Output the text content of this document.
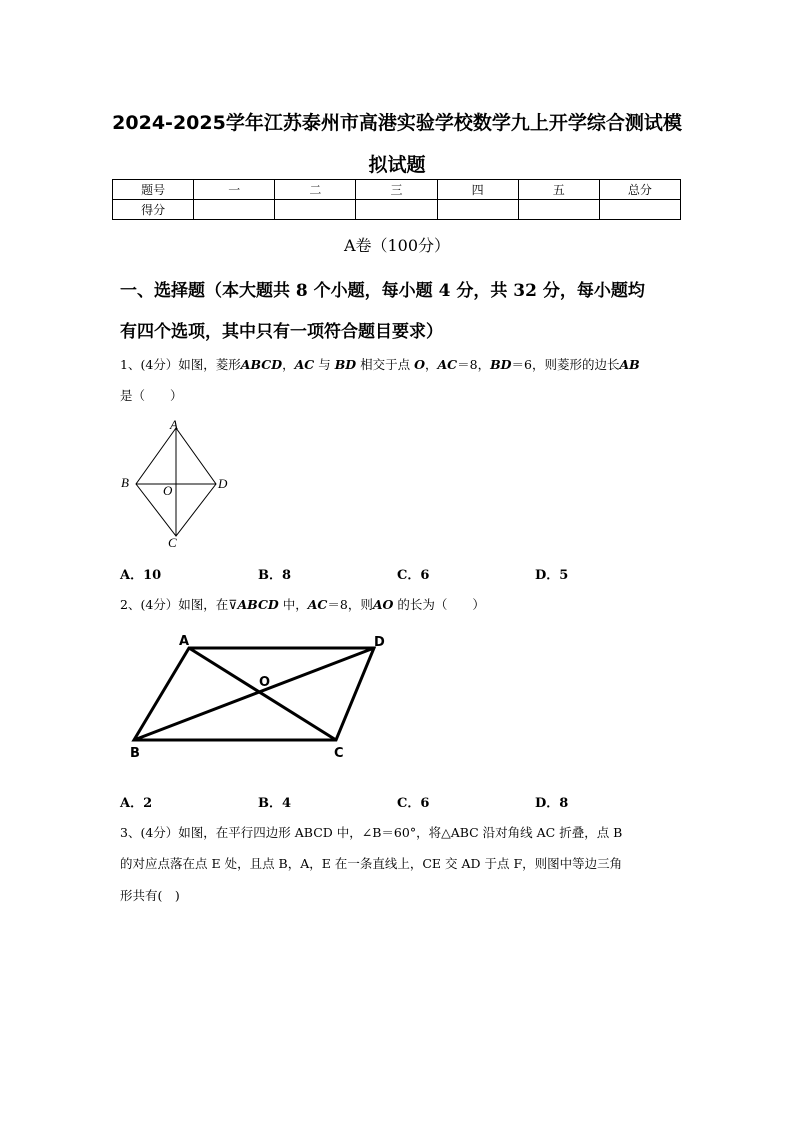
2024-2025学年江苏泰州市高港实验学校数学九上开学综合测试模
拟试题
题号	一	二	三	四	五	总分
得分						
A卷（100分）
一、选择题（本大题共 8 个小题，每小题 4 分，共 32 分，每小题均
有四个选项，其中只有一项符合题目要求）
1、(4分）如图，菱形ABCD，AC 与 BD 相交于点 O，AC＝8，BD＝6，则菱形的边长AB
是（　　）
A
B
O	D
C
A．10	B．8	C．6	D．5
2、(4分）如图，在⊽ABCD 中，AC＝8，则AO 的长为（　　）
A	D
O
B	C
A．2	B．4	C．6	D．8
3、(4分）如图，在平行四边形 ABCD 中，∠B＝60°，将△ABC 沿对角线 AC 折叠，点 B
的对应点落在点 E 处，且点 B，A，E 在一条直线上，CE 交 AD 于点 F，则图中等边三角
形共有(　)
